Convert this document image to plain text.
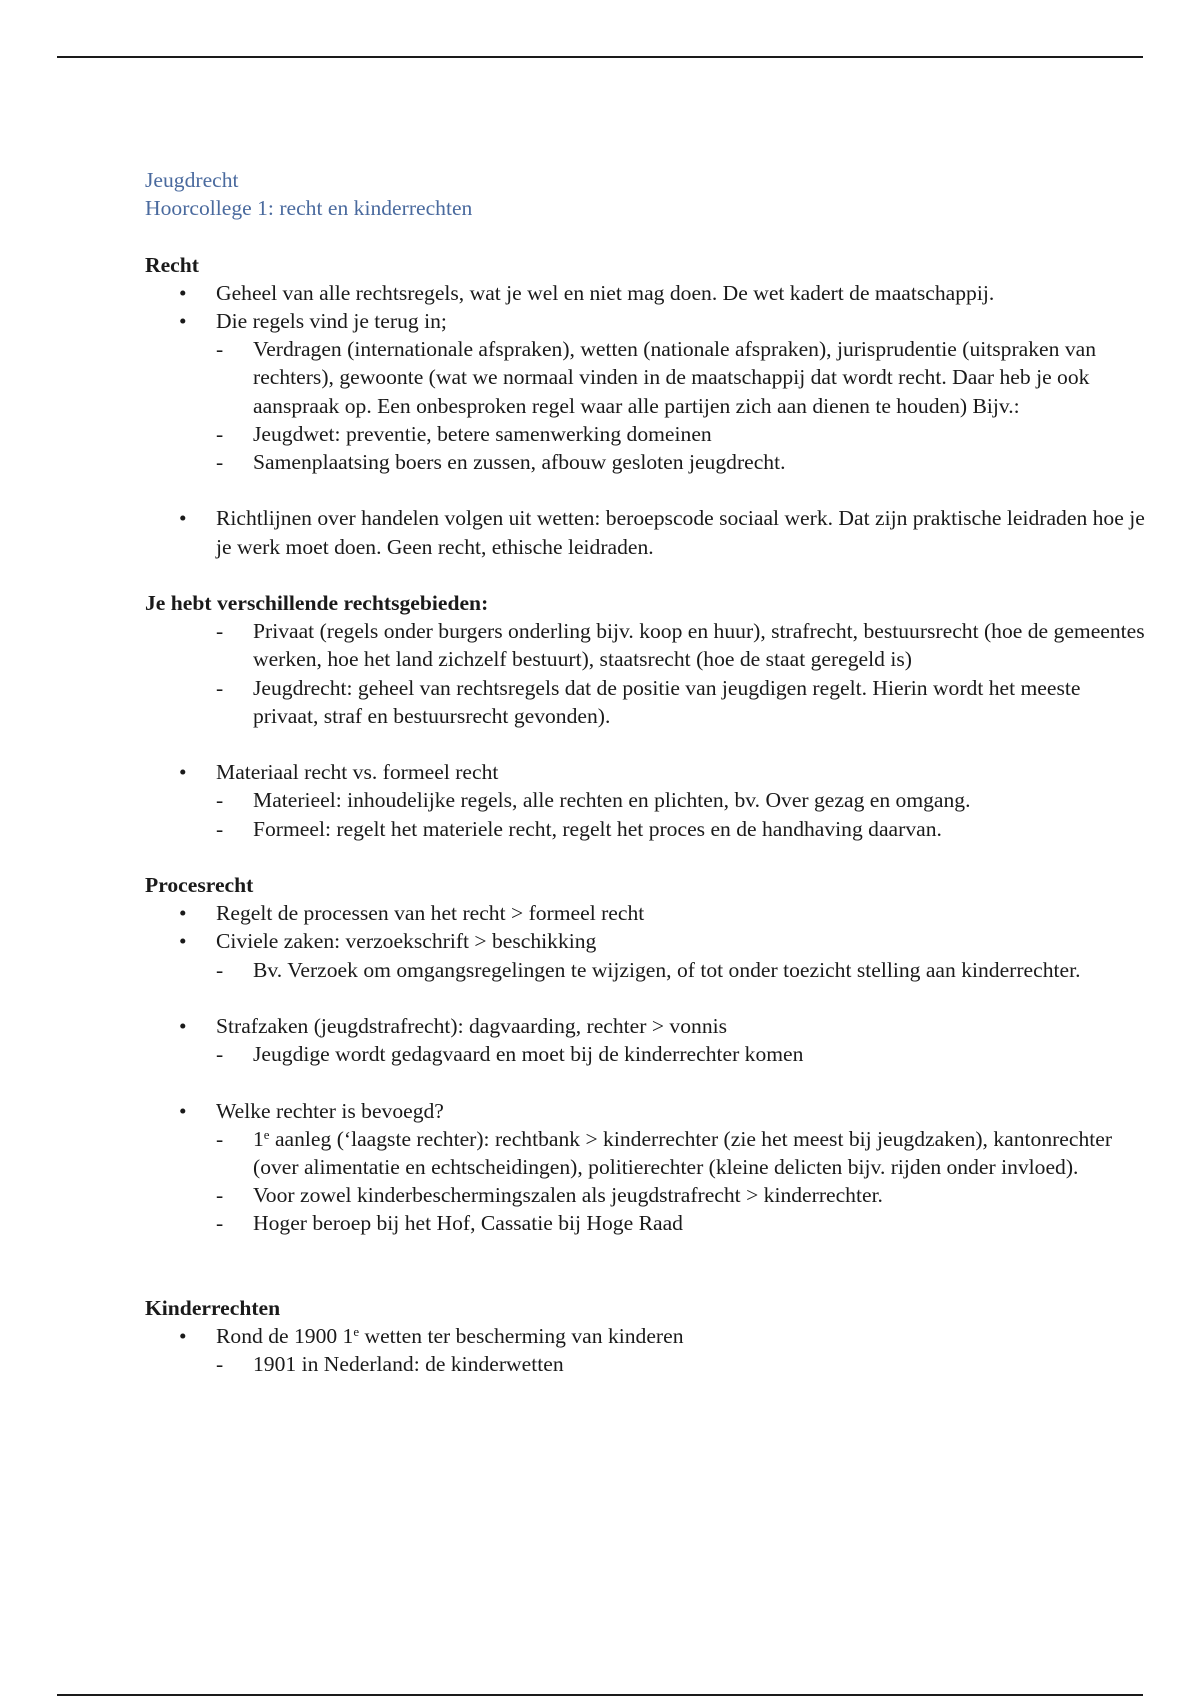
Jeugdrecht
Hoorcollege 1: recht en kinderrechten
Recht
• Geheel van alle rechtsregels, wat je wel en niet mag doen. De wet kadert de maatschappij.
• Die regels vind je terug in;
- Verdragen (internationale afspraken), wetten (nationale afspraken), jurisprudentie (uitspraken van rechters), gewoonte (wat we normaal vinden in de maatschappij dat wordt recht. Daar heb je ook aanspraak op. Een onbesproken regel waar alle partijen zich aan dienen te houden) Bijv.:
- Jeugdwet: preventie, betere samenwerking domeinen
- Samenplaatsing boers en zussen, afbouw gesloten jeugdrecht.
• Richtlijnen over handelen volgen uit wetten: beroepscode sociaal werk. Dat zijn praktische leidraden hoe je je werk moet doen. Geen recht, ethische leidraden.
Je hebt verschillende rechtsgebieden:
- Privaat (regels onder burgers onderling bijv. koop en huur), strafrecht, bestuursrecht (hoe de gemeentes werken, hoe het land zichzelf bestuurt), staatsrecht (hoe de staat geregeld is)
- Jeugdrecht: geheel van rechtsregels dat de positie van jeugdigen regelt. Hierin wordt het meeste privaat, straf en bestuursrecht gevonden).
• Materiaal recht vs. formeel recht
- Materieel: inhoudelijke regels, alle rechten en plichten, bv. Over gezag en omgang.
- Formeel: regelt het materiele recht, regelt het proces en de handhaving daarvan.
Procesrecht
• Regelt de processen van het recht > formeel recht
• Civiele zaken: verzoekschrift > beschikking
- Bv. Verzoek om omgangsregelingen te wijzigen, of tot onder toezicht stelling aan kinderrechter.
• Strafzaken (jeugdstrafrecht): dagvaarding, rechter > vonnis
- Jeugdige wordt gedagvaard en moet bij de kinderrechter komen
• Welke rechter is bevoegd?
- 1e aanleg (‘laagste rechter): rechtbank > kinderrechter (zie het meest bij jeugdzaken), kantonrechter (over alimentatie en echtscheidingen), politierechter (kleine delicten bijv. rijden onder invloed).
- Voor zowel kinderbeschermingszalen als jeugdstrafrecht > kinderrechter.
- Hoger beroep bij het Hof, Cassatie bij Hoge Raad
Kinderrechten
• Rond de 1900 1e wetten ter bescherming van kinderen
- 1901 in Nederland: de kinderwetten
